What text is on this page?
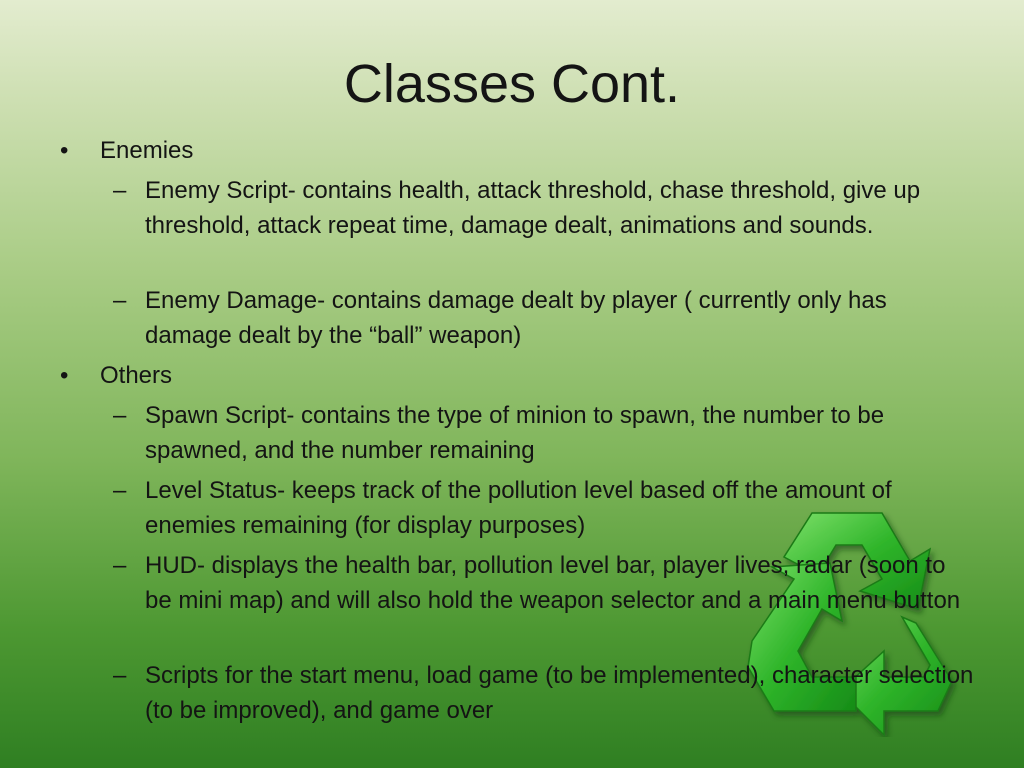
Classes Cont.
• Enemies
– Enemy Script- contains health, attack threshold, chase threshold, give up threshold, attack repeat time, damage dealt, animations and sounds.
– Enemy Damage- contains damage dealt by player ( currently only has damage dealt by the “ball” weapon)
• Others
– Spawn Script- contains the type of minion to spawn, the number to be spawned, and the number remaining
– Level Status- keeps track of the pollution level based off the amount of enemies remaining (for display purposes)
– HUD- displays the health bar, pollution level bar, player lives, radar (soon to be mini map) and will also hold the weapon selector and a main menu button
– Scripts for the start menu, load game (to be implemented), character selection (to be improved), and game over
